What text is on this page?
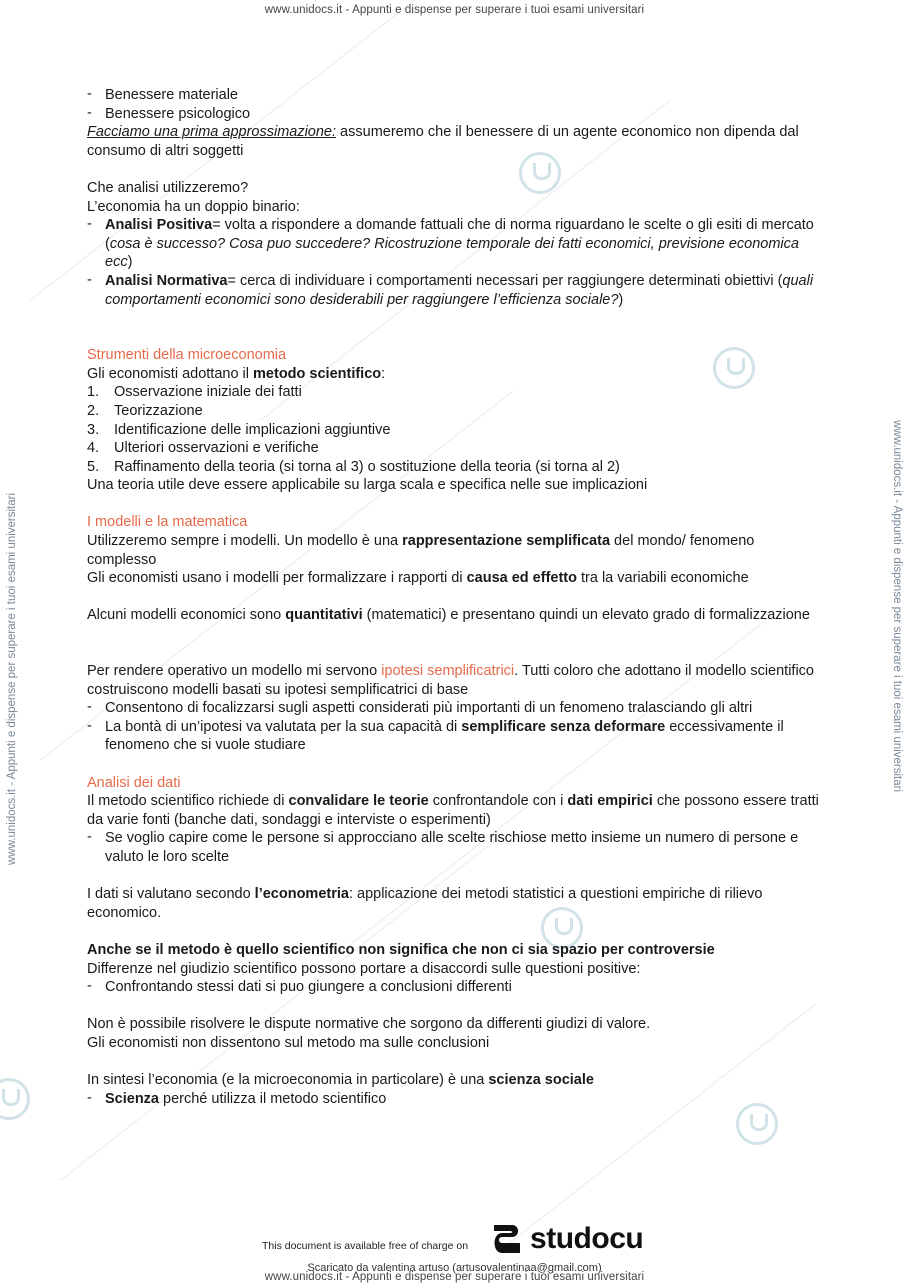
www.unidocs.it - Appunti e dispense per superare i tuoi esami universitari
www.unidocs.it - Appunti e dispense per superare i tuoi esami universitari	www.unidocs.it - Appunti e dispense per superare i tuoi esami universitari
- Benessere materiale
- Benessere psicologico

Facciamo una prima approssimazione: assumeremo che il benessere di un agente economico non dipenda dal consumo di altri soggetti

Che analisi utilizzeremo?

L’economia ha un doppio binario:

- Analisi Positiva= volta a rispondere a domande fattuali che di norma riguardano le scelte o gli esiti di mercato (cosa è successo? Cosa puo succedere? Ricostruzione temporale dei fatti economici, previsione economica ecc)
- Analisi Normativa= cerca di individuare i comportamenti necessari per raggiungere determinati obiettivi (quali comportamenti economici sono desiderabili per raggiungere l’efficienza sociale?)

Strumenti della microeconomia

Gli economisti adottano il metodo scientifico:

1. Osservazione iniziale dei fatti
2. Teorizzazione
3. Identificazione delle implicazioni aggiuntive
4. Ulteriori osservazioni e verifiche
5. Raffinamento della teoria (si torna al 3) o sostituzione della teoria (si torna al 2)

Una teoria utile deve essere applicabile su larga scala e specifica nelle sue implicazioni

I modelli e la matematica

Utilizzeremo sempre i modelli. Un modello è una rappresentazione semplificata del mondo/ fenomeno complesso

Gli economisti usano i modelli per formalizzare i rapporti di causa ed effetto tra la variabili economiche

Alcuni modelli economici sono quantitativi (matematici) e presentano quindi un elevato grado di formalizzazione

Per rendere operativo un modello mi servono ipotesi semplificatrici. Tutti coloro che adottano il modello scientifico costruiscono modelli basati su ipotesi semplificatrici di base

- Consentono di focalizzarsi sugli aspetti considerati più importanti di un fenomeno tralasciando gli altri
- La bontà di un’ipotesi va valutata per la sua capacità di semplificare senza deformare eccessivamente il fenomeno che si vuole studiare

Analisi dei dati

Il metodo scientifico richiede di convalidare le teorie confrontandole con i dati empirici che possono essere tratti da varie fonti (banche dati, sondaggi e interviste o esperimenti)

- Se voglio capire come le persone si approcciano alle scelte rischiose metto insieme un numero di persone e valuto le loro scelte

I dati si valutano secondo l’econometria: applicazione dei metodi statistici a questioni empiriche di rilievo economico.

Anche se il metodo è quello scientifico non significa che non ci sia spazio per controversie

Differenze nel giudizio scientifico possono portare a disaccordi sulle questioni positive:

- Confrontando stessi dati si puo giungere a conclusioni differenti

Non è possibile risolvere le dispute normative che sorgono da differenti giudizi di valore.

Gli economisti non dissentono sul metodo ma sulle conclusioni

In sintesi l’economia (e la microeconomia in particolare) è una scienza sociale

- Scienza perché utilizza il metodo scientifico
This document is available free of charge on studocu
Scaricato da valentina artuso (artusovalentinaa@gmail.com)
www.unidocs.it - Appunti e dispense per superare i tuoi esami universitari
